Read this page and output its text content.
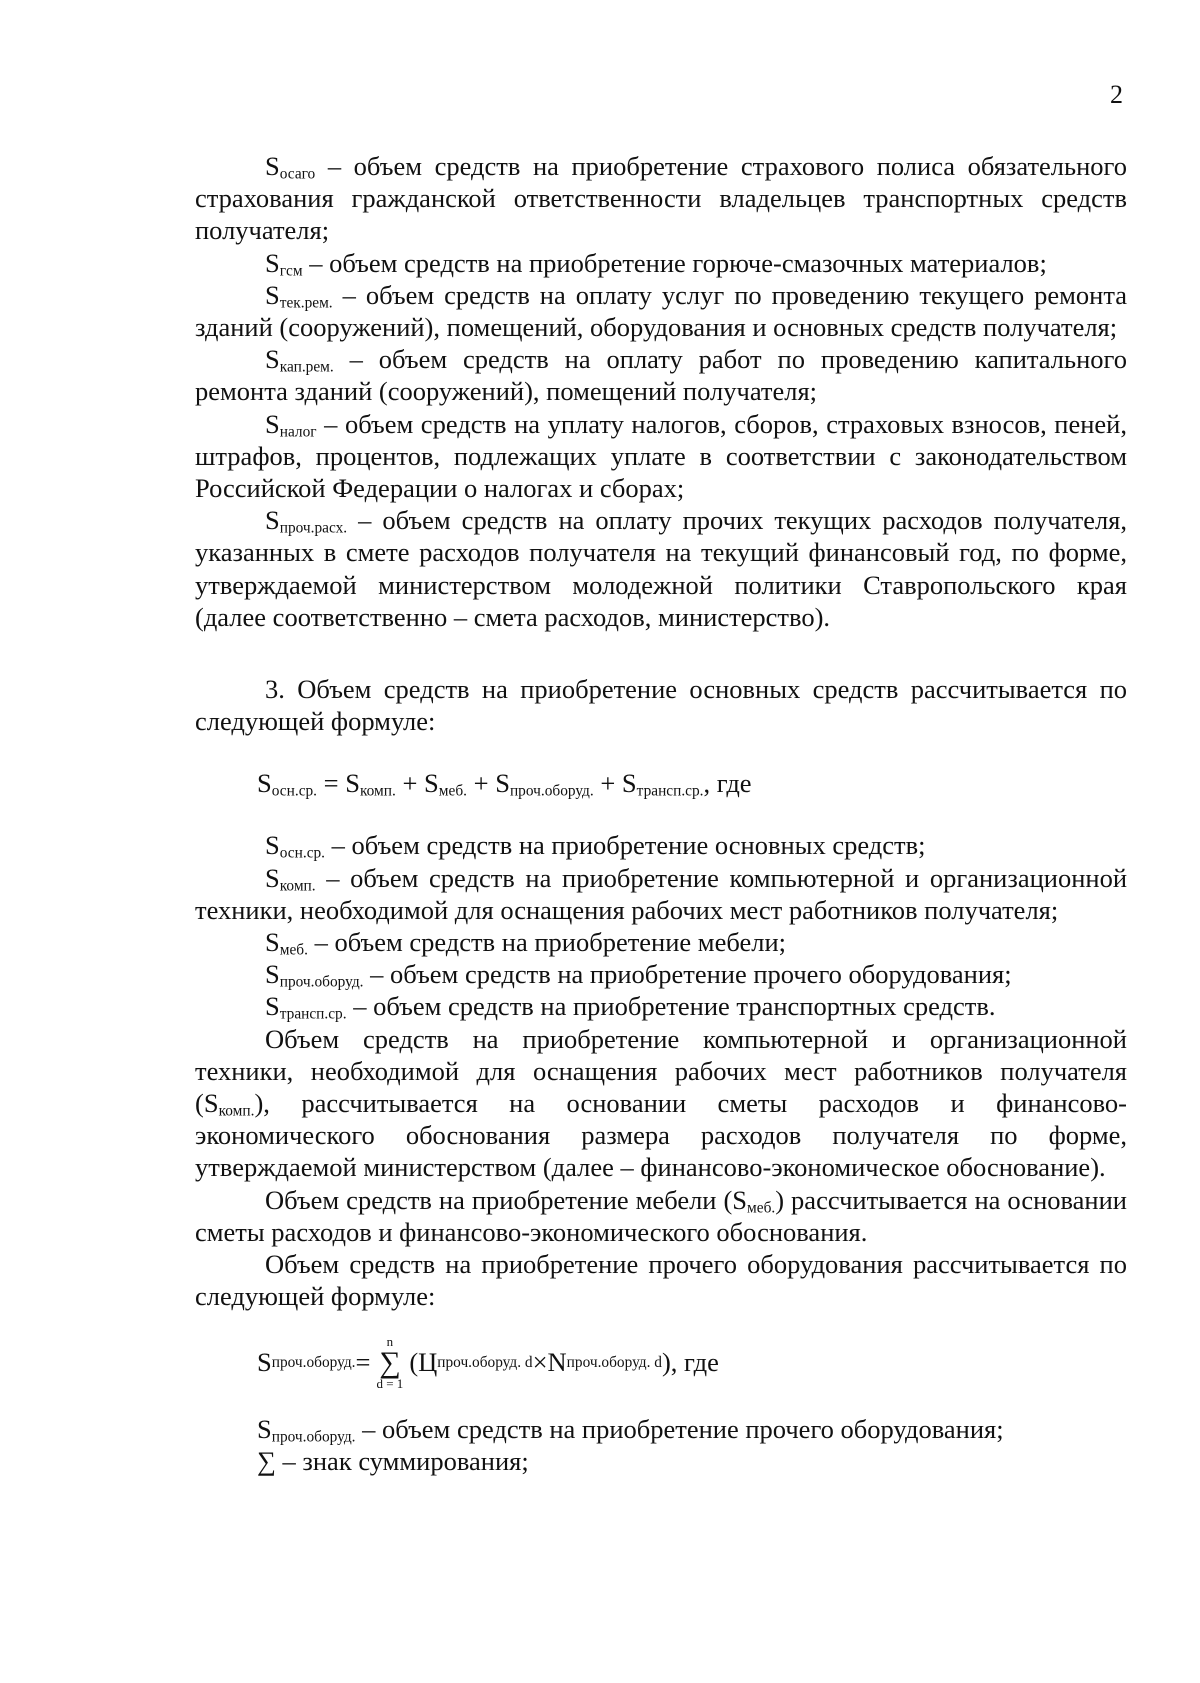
2

$S_{осаго}$ – объем средств на приобретение страхового полиса обязательного страхования гражданской ответственности владельцев транспортных средств получателя;

$S_{гсм}$ – объем средств на приобретение горюче-смазочных материалов;

$S_{тек.рем.}$ – объем средств на оплату услуг по проведению текущего ремонта зданий (сооружений), помещений, оборудования и основных средств получателя;

$S_{кап.рем.}$ – объем средств на оплату работ по проведению капитального ремонта зданий (сооружений), помещений получателя;

$S_{налог}$ – объем средств на уплату налогов, сборов, страховых взносов, пеней, штрафов, процентов, подлежащих уплате в соответствии с законодательством Российской Федерации о налогах и сборах;

$S_{проч.расх.}$ – объем средств на оплату прочих текущих расходов получателя, указанных в смете расходов получателя на текущий финансовый год, по форме, утверждаемой министерством молодежной политики Ставропольского края (далее соответственно – смета расходов, министерство).

3. Объем средств на приобретение основных средств рассчитывается по следующей формуле:

$S_{осн.ср.} = S_{комп.} + S_{меб.} + S_{проч.оборуд.} + S_{трансп.ср.}$, где

$S_{осн.ср.}$ – объем средств на приобретение основных средств;

$S_{комп.}$ – объем средств на приобретение компьютерной и организационной техники, необходимой для оснащения рабочих мест работников получателя;

$S_{меб.}$ – объем средств на приобретение мебели;

$S_{проч.оборуд.}$ – объем средств на приобретение прочего оборудования;

$S_{трансп.ср.}$ – объем средств на приобретение транспортных средств.

Объем средств на приобретение компьютерной и организационной техники, необходимой для оснащения рабочих мест работников получателя $(S_{комп.})$, рассчитывается на основании сметы расходов и финансово-экономического обоснования размера расходов получателя по форме, утверждаемой министерством (далее – финансово-экономическое обоснование).

Объем средств на приобретение мебели $(S_{меб.})$ рассчитывается на основании сметы расходов и финансово-экономического обоснования.

Объем средств на приобретение прочего оборудования рассчитывается по следующей формуле:

S проч.оборуд. =
n
∑
d = 1
( Ц проч.оборуд. d × N проч.оборуд. d ), где

$S_{проч.оборуд.}$ – объем средств на приобретение прочего оборудования;

∑ – знак суммирования;
